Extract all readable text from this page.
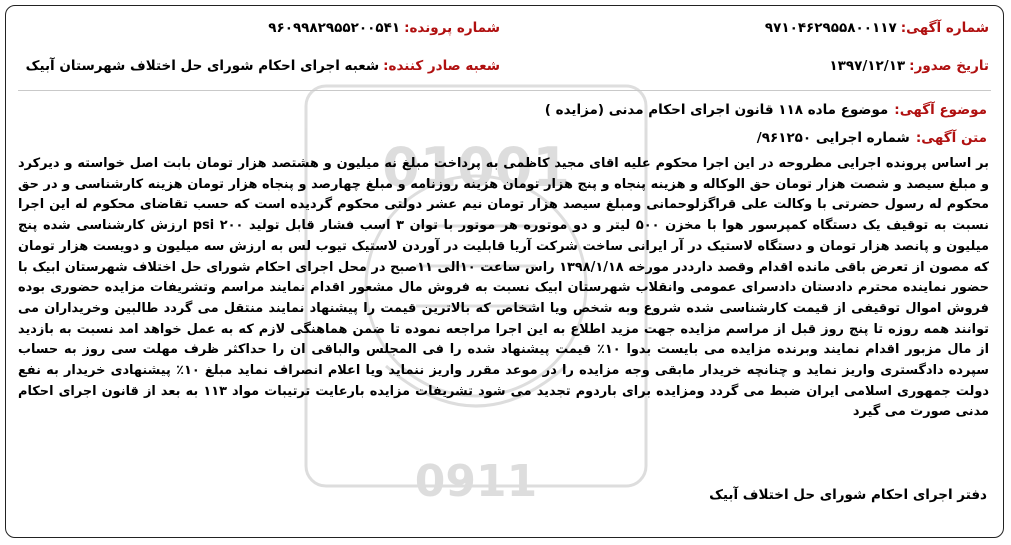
01001
0911
شماره آگهی:
۹۷۱۰۴۶۲۹۵۵۸۰۰۱۱۷
شماره پرونده:
۹۶۰۹۹۸۲۹۵۵۲۰۰۵۴۱
تاریخ صدور:
۱۳۹۷/۱۲/۱۳
شعبه صادر کننده:
شعبه اجرای احکام شورای حل اختلاف شهرستان آبیک
موضوع آگهی:
موضوع ماده ۱۱۸ قانون اجرای احکام مدنی (مزایده )
متن آگهی:
شماره اجرایی ۹۶۱۲۵۰/
بر اساس پرونده اجرایی مطروحه در این اجرا محکوم علیه اقای مجید کاظمی به پرداخت مبلغ نه میلیون و هشتصد هزار تومان بابت اصل خواسته و دیرکرد و مبلغ سیصد و شصت هزار تومان حق الوکاله و هزینه پنجاه و پنج هزار تومان هزینه روزنامه و مبلغ چهارصد و پنجاه هزار تومان هزینه کارشناسی و در حق محکوم له رسول حضرتی با وکالت علی قراگزلوحمانی ومبلغ سیصد هزار تومان نیم عشر دولتی محکوم گردیده است که حسب تقاضای محکوم له این اجرا نسبت به توقیف یک دستگاه کمپرسور هوا با مخزن ۵۰۰ لیتر و دو موتوره هر موتور با توان ۳ اسب فشار قابل تولید ۲۰۰ psi ارزش کارشناسی شده پنج میلیون و پانصد هزار تومان و دستگاه لاستیک در آر ایرانی ساخت شرکت آریا قابلیت در آوردن لاستیک تیوب لس به ارزش سه میلیون و دویست هزار تومان که مصون از تعرض باقی مانده اقدام وقصد دارددر مورخه ۱۳۹۸/۱/۱۸ راس ساعت ۱۰الی ۱۱صبح در محل اجرای احکام شورای حل اختلاف شهرستان ابیک با حضور نماینده محترم دادستان دادسرای عمومی وانقلاب شهرستان ابیک نسبت به فروش مال مشعور اقدام نمایند مراسم وتشریفات مزایده حضوری بوده فروش اموال توقیفی از قیمت کارشناسی شده شروع وبه شخص ویا اشخاص که بالاترین قیمت را پیشنهاد نمایند منتقل می گردد طالبین وخریداران می توانند همه روزه تا پنج روز قبل از مراسم مزایده جهت مزید اطلاع به این اجرا مراجعه نموده تا ضمن هماهنگی لازم که به عمل خواهد امد نسبت به بازدید از مال مزبور اقدام نمایند وبرنده مزایده می بایست بدوا ۱۰٪ قیمت پیشنهاد شده را فی المجلس والباقی ان را حداکثر ظرف مهلت سی روز به حساب سپرده دادگستری واریز نماید و چنانچه خریدار مابقی وجه مزایده را در موعد مقرر واریز ننماید ویا اعلام انصراف نماید مبلغ ۱۰٪ پیشنهادی خریدار به نفع دولت جمهوری اسلامی ایران ضبط می گردد ومزایده برای باردوم تجدید می شود تشریفات مزایده بارعایت ترتیبات مواد ۱۱۳ به بعد از قانون اجرای احکام مدنی صورت می گیرد
دفتر اجرای احکام شورای حل اختلاف آبیک
